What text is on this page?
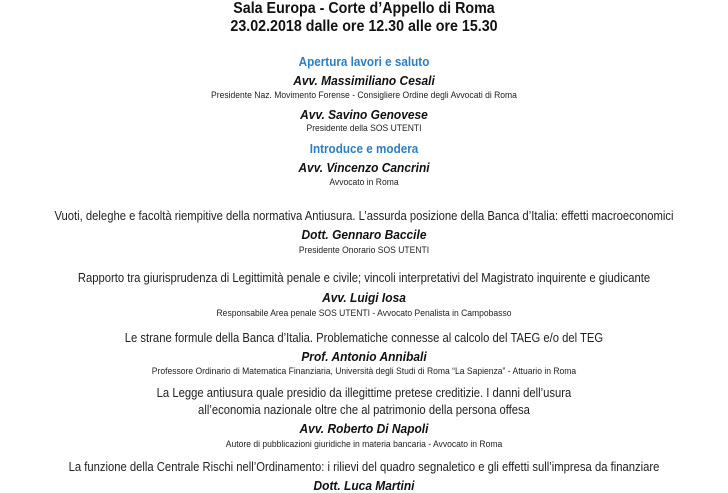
Sala Europa - Corte d’Appello di Roma
23.02.2018 dalle ore 12.30 alle ore 15.30
Apertura lavori e saluto
Avv. Massimiliano Cesali
Presidente Naz. Movimento Forense - Consigliere Ordine degli Avvocati di Roma
Avv. Savino Genovese
Presidente della SOS UTENTI
Introduce e modera
Avv. Vincenzo Cancrini
Avvocato in Roma
Vuoti, deleghe e facoltà riempitive della normativa Antiusura. L’assurda posizione della Banca d’Italia: effetti macroeconomici
Dott. Gennaro Baccile
Presidente Onorario SOS UTENTI
Rapporto tra giurisprudenza di Legittimità penale e civile; vincoli interpretativi del Magistrato inquirente e giudicante
Avv. Luigi Iosa
Responsabile Area penale SOS UTENTI - Avvocato Penalista in Campobasso
Le strane formule della Banca d’Italia. Problematiche connesse al calcolo del TAEG e/o del TEG
Prof. Antonio Annibali
Professore Ordinario di Matematica Finanziaria, Università degli Studi di Roma “La Sapienza” - Attuario in Roma
La Legge antiusura quale presidio da illegittime pretese creditizie. I danni dell’usura
all’economia nazionale oltre che al patrimonio della persona offesa
Avv. Roberto Di Napoli
Autore di pubblicazioni giuridiche in materia bancaria - Avvocato in Roma
La funzione della Centrale Rischi nell’Ordinamento: i rilievi del quadro segnaletico e gli effetti sull’impresa da finanziare
Dott. Luca Martini
